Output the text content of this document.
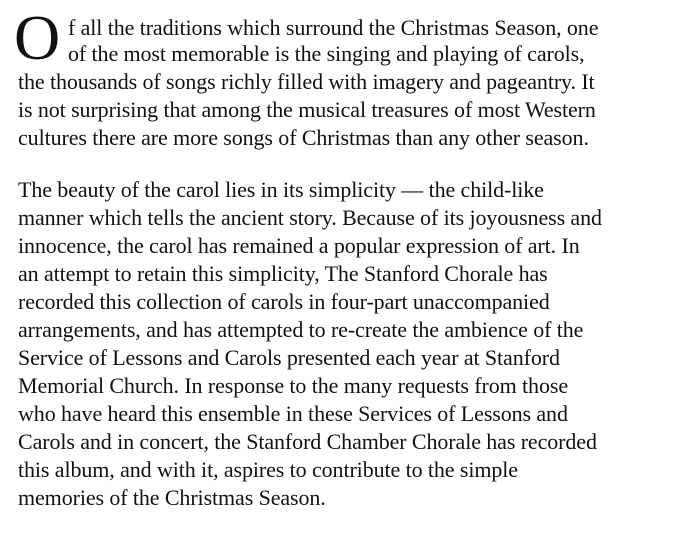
O f all the traditions which surround the Christmas Season, one
of the most memorable is the singing and playing of carols,
the thousands of songs richly filled with imagery and pageantry. It
is not surprising that among the musical treasures of most Western
cultures there are more songs of Christmas than any other season.
The beauty of the carol lies in its simplicity — the child-like
manner which tells the ancient story. Because of its joyousness and
innocence, the carol has remained a popular expression of art. In
an attempt to retain this simplicity, The Stanford Chorale has
recorded this collection of carols in four-part unaccompanied
arrangements, and has attempted to re-create the ambience of the
Service of Lessons and Carols presented each year at Stanford
Memorial Church. In response to the many requests from those
who have heard this ensemble in these Services of Lessons and
Carols and in concert, the Stanford Chamber Chorale has recorded
this album, and with it, aspires to contribute to the simple
memories of the Christmas Season.
